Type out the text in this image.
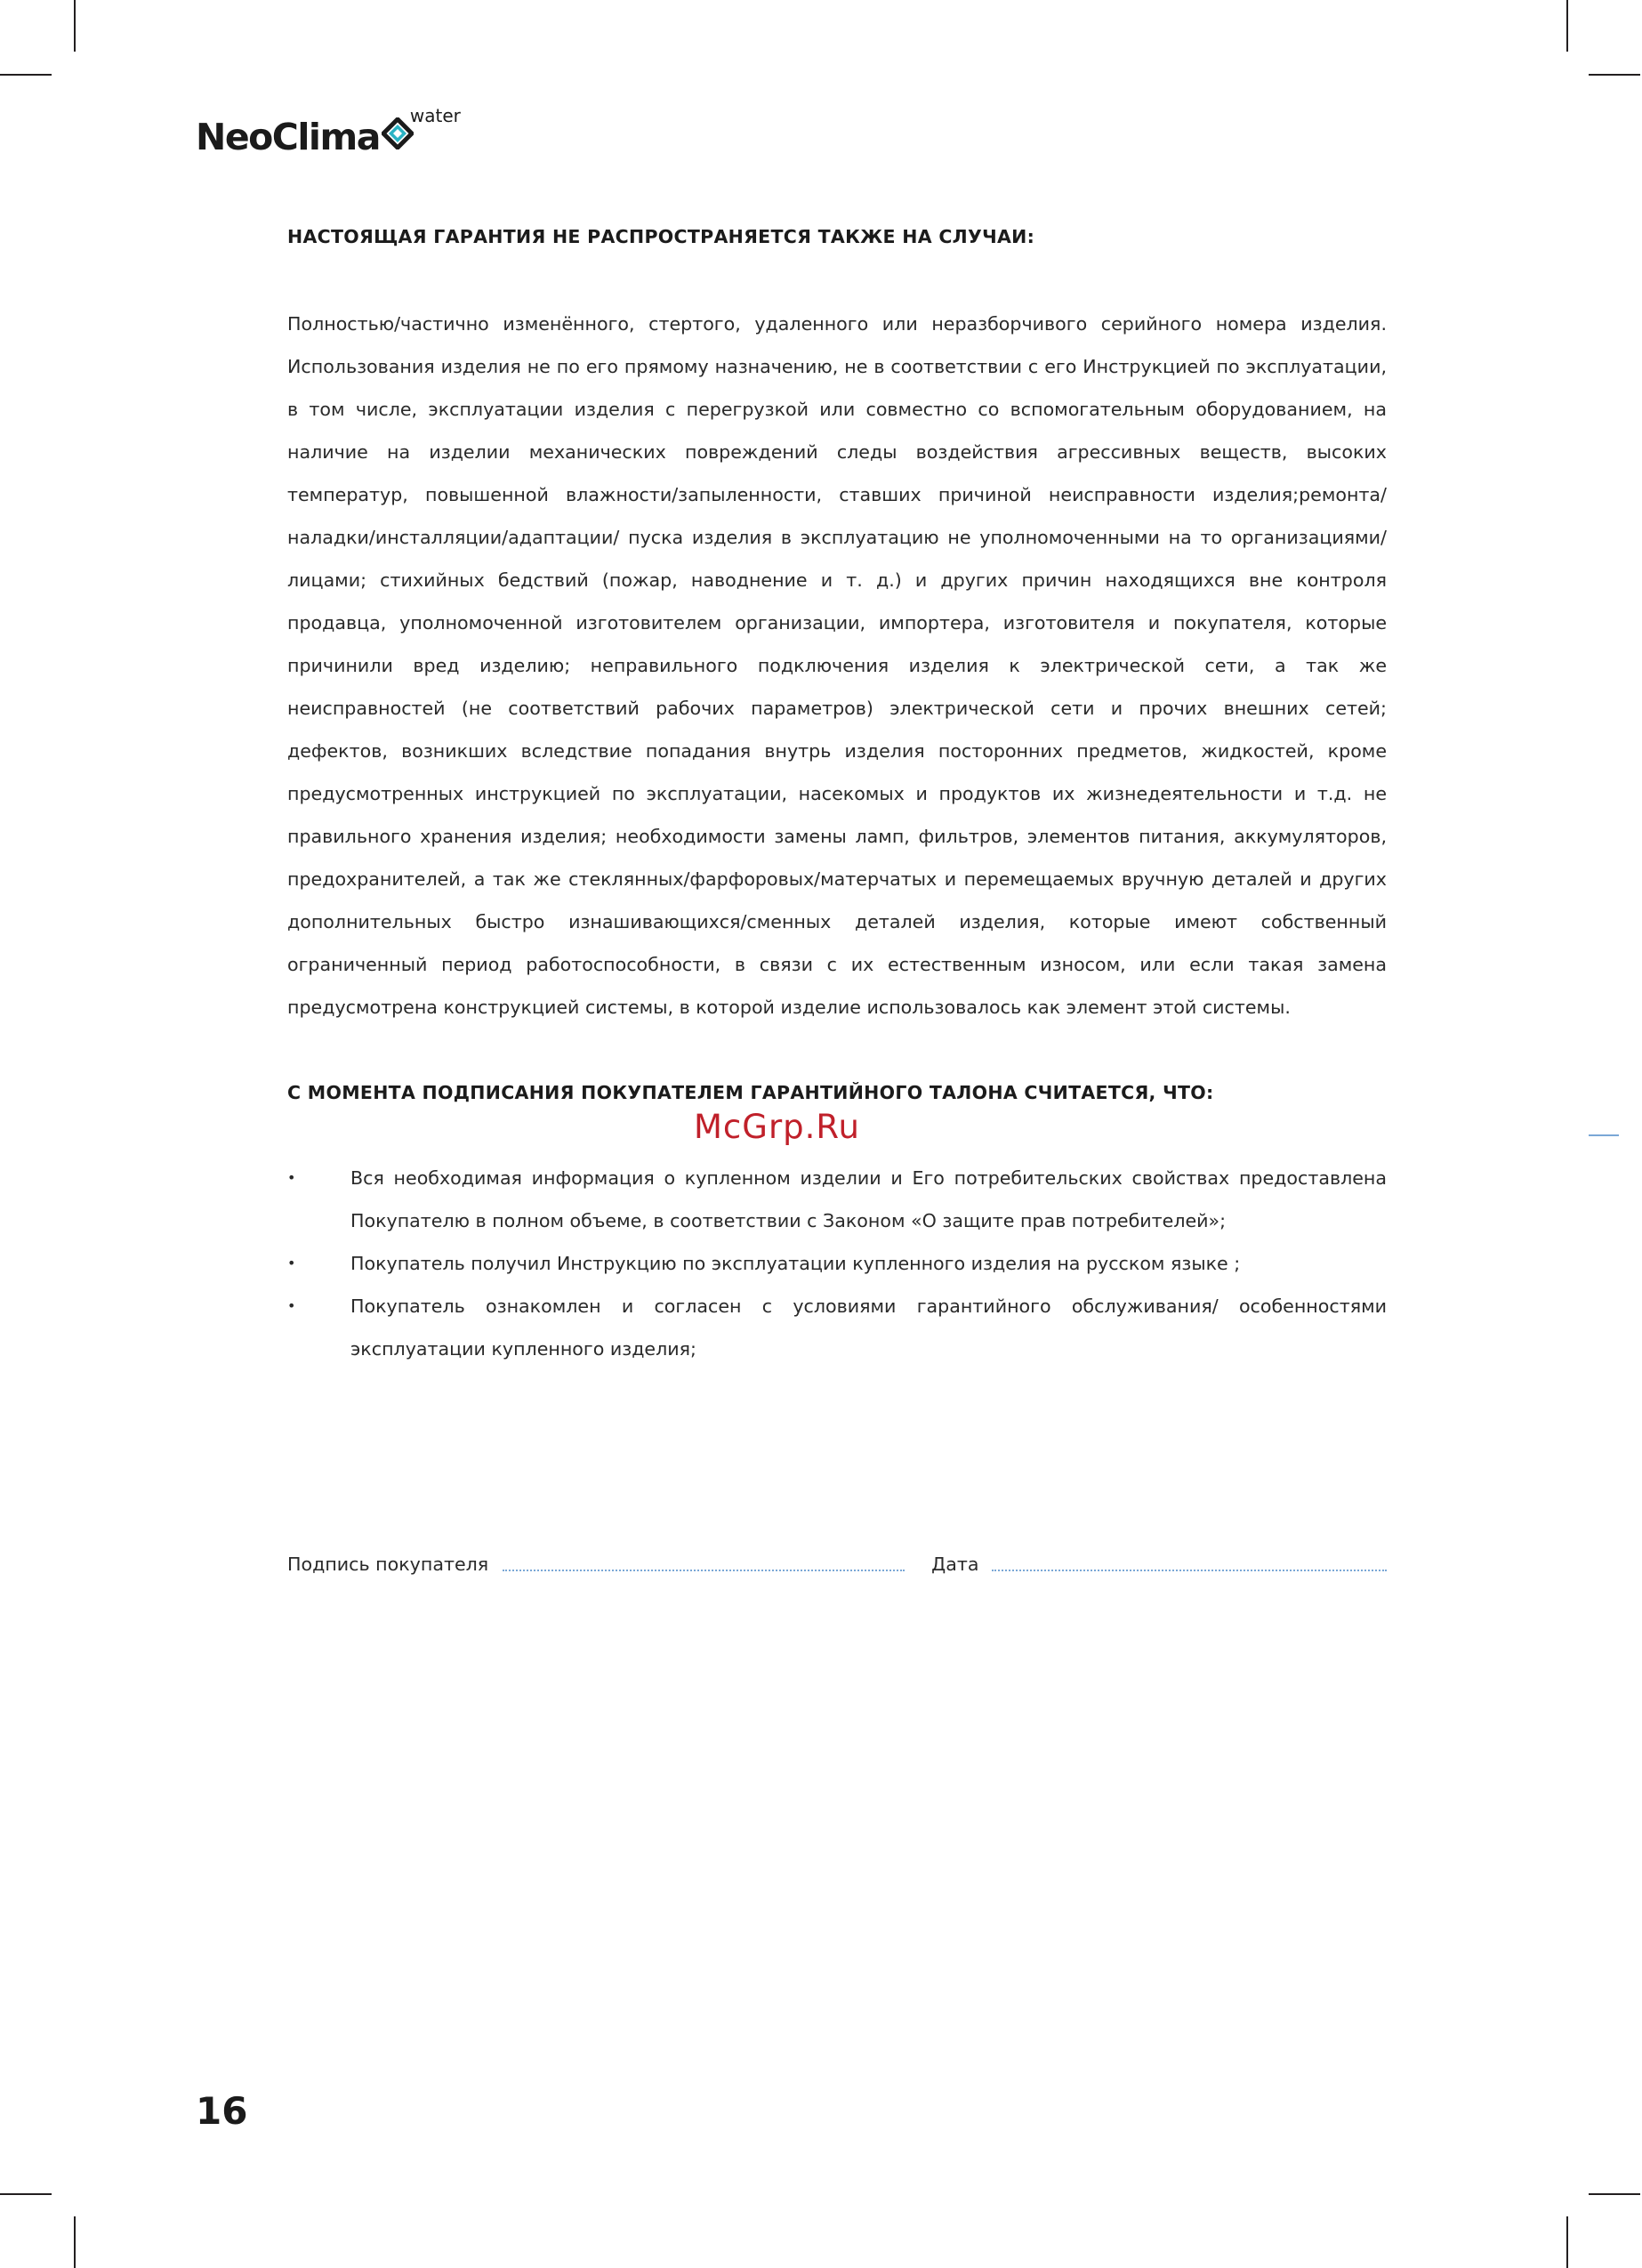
NeoClima water
НАСТОЯЩАЯ ГАРАНТИЯ НЕ РАСПРОСТРАНЯЕТСЯ ТАКЖЕ НА СЛУЧАИ:

Полностью/частично изменённого, стертого, удаленного или неразборчивого серийного номера изделия. Использования изделия не по его прямому назначению, не в соответствии с его Инструкцией по эксплуатации, в том числе, эксплуатации изделия с перегрузкой или совместно со вспомогательным оборудованием, на наличие на изделии механических повреждений следы воздействия агрессивных веществ, высоких температур, повышенной влажности/запыленности, ставших причиной неисправности изделия;ремонта/наладки/инсталляции/адаптации/ пуска изделия в эксплуатацию не уполномоченными на то организациями/лицами; стихийных бедствий (пожар, наводнение и т. д.) и других причин находящихся вне контроля продавца, уполномоченной изготовителем организации, импортера, изготовителя и покупателя, которые причинили вред изделию; неправильного подключения изделия к электрической сети, а так же неисправностей (не соответствий рабочих параметров) электрической сети и прочих внешних сетей; дефектов, возникших вследствие попадания внутрь изделия посторонних предметов, жидкостей, кроме предусмотренных инструкцией по эксплуатации, насекомых и продуктов их жизнедеятельности и т.д. не правильного хранения изделия; необходимости замены ламп, фильтров, элементов питания, аккумуляторов, предохранителей, а так же стеклянных/фарфоровых/матерчатых и перемещаемых вручную деталей и других дополнительных быстро изнашивающихся/сменных деталей изделия, которые имеют собственный ограниченный период работоспособности, в связи с их естественным износом, или если такая замена предусмотрена конструкцией системы, в которой изделие использовалось как элемент этой системы.

С МОМЕНТА ПОДПИСАНИЯ ПОКУПАТЕЛЕМ ГАРАНТИЙНОГО ТАЛОНА СЧИТАЕТСЯ, ЧТО:
McGrp.Ru
•	Вся необходимая информация о купленном изделии и Его потребительских свойствах предоставлена Покупателю в полном объеме, в соответствии с Законом «О защите прав потребителей»;
•	Покупатель получил Инструкцию по эксплуатации купленного изделия на русском языке ;
•	Покупатель ознакомлен и согласен с условиями гарантийного обслуживания/ особенностями эксплуатации купленного изделия;
Подпись покупателя	Дата
16
